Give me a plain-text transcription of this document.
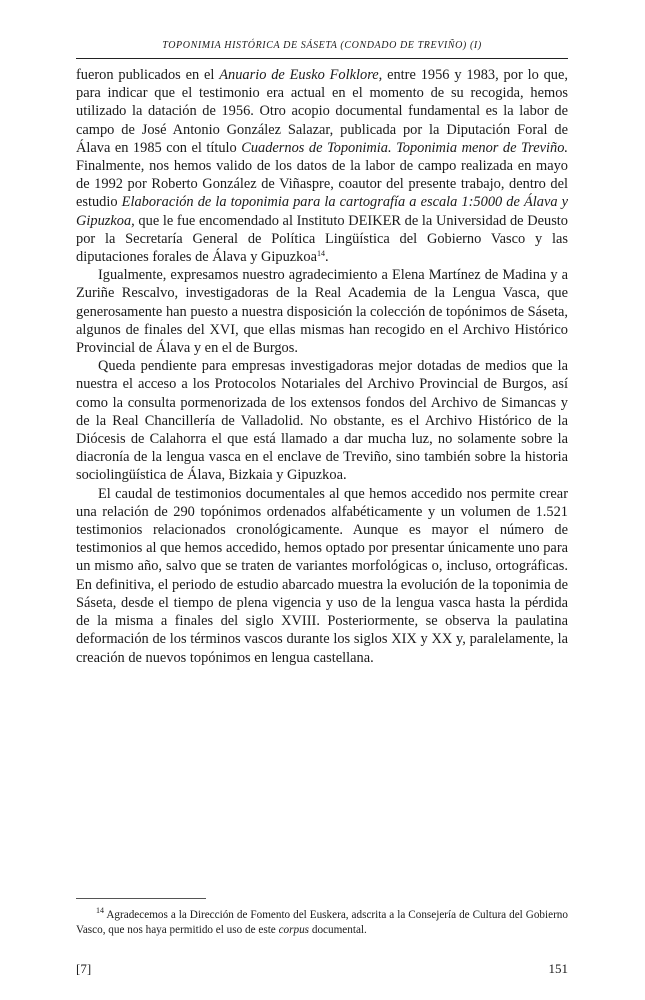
TOPONIMIA HISTÓRICA DE SÁSETA (CONDADO DE TREVIÑO) (I)

fueron publicados en el Anuario de Eusko Folklore, entre 1956 y 1983, por lo que, para indicar que el testimonio era actual en el momento de su recogida, hemos utilizado la datación de 1956. Otro acopio documental fundamental es la labor de campo de José Antonio González Salazar, publicada por la Diputación Foral de Álava en 1985 con el título Cuadernos de Toponimia. Toponimia menor de Treviño. Finalmente, nos hemos valido de los datos de la labor de campo realizada en mayo de 1992 por Roberto González de Viñaspre, coautor del presente trabajo, dentro del estudio Elaboración de la toponimia para la cartografía a escala 1:5000 de Álava y Gipuzkoa, que le fue encomendado al Instituto DEIKER de la Universidad de Deusto por la Secretaría General de Política Lingüística del Gobierno Vasco y las diputaciones forales de Álava y Gipuzkoa$^{14}$.

Igualmente, expresamos nuestro agradecimiento a Elena Martínez de Madina y a Zuriñe Rescalvo, investigadoras de la Real Academia de la Lengua Vasca, que generosamente han puesto a nuestra disposición la colección de topónimos de Sáseta, algunos de finales del XVI, que ellas mismas han recogido en el Archivo Histórico Provincial de Álava y en el de Burgos.

Queda pendiente para empresas investigadoras mejor dotadas de medios que la nuestra el acceso a los Protocolos Notariales del Archivo Provincial de Burgos, así como la consulta pormenorizada de los extensos fondos del Archivo de Simancas y de la Real Chancillería de Valladolid. No obstante, es el Archivo Histórico de la Diócesis de Calahorra el que está llamado a dar mucha luz, no solamente sobre la diacronía de la lengua vasca en el enclave de Treviño, sino también sobre la historia sociolingüística de Álava, Bizkaia y Gipuzkoa.

El caudal de testimonios documentales al que hemos accedido nos permite crear una relación de 290 topónimos ordenados alfabéticamente y un volumen de 1.521 testimonios relacionados cronológicamente. Aunque es mayor el número de testimonios al que hemos accedido, hemos optado por presentar únicamente uno para un mismo año, salvo que se traten de variantes morfológicas o, incluso, ortográficas. En definitiva, el periodo de estudio abarcado muestra la evolución de la toponimia de Sáseta, desde el tiempo de plena vigencia y uso de la lengua vasca hasta la pérdida de la misma a finales del siglo XVIII. Posteriormente, se observa la paulatina deformación de los términos vascos durante los siglos XIX y XX y, paralelamente, la creación de nuevos topónimos en lengua castellana.

$^{14}$ Agradecemos a la Dirección de Fomento del Euskera, adscrita a la Consejería de Cultura del Gobierno Vasco, que nos haya permitido el uso de este corpus documental.

[7]	151
